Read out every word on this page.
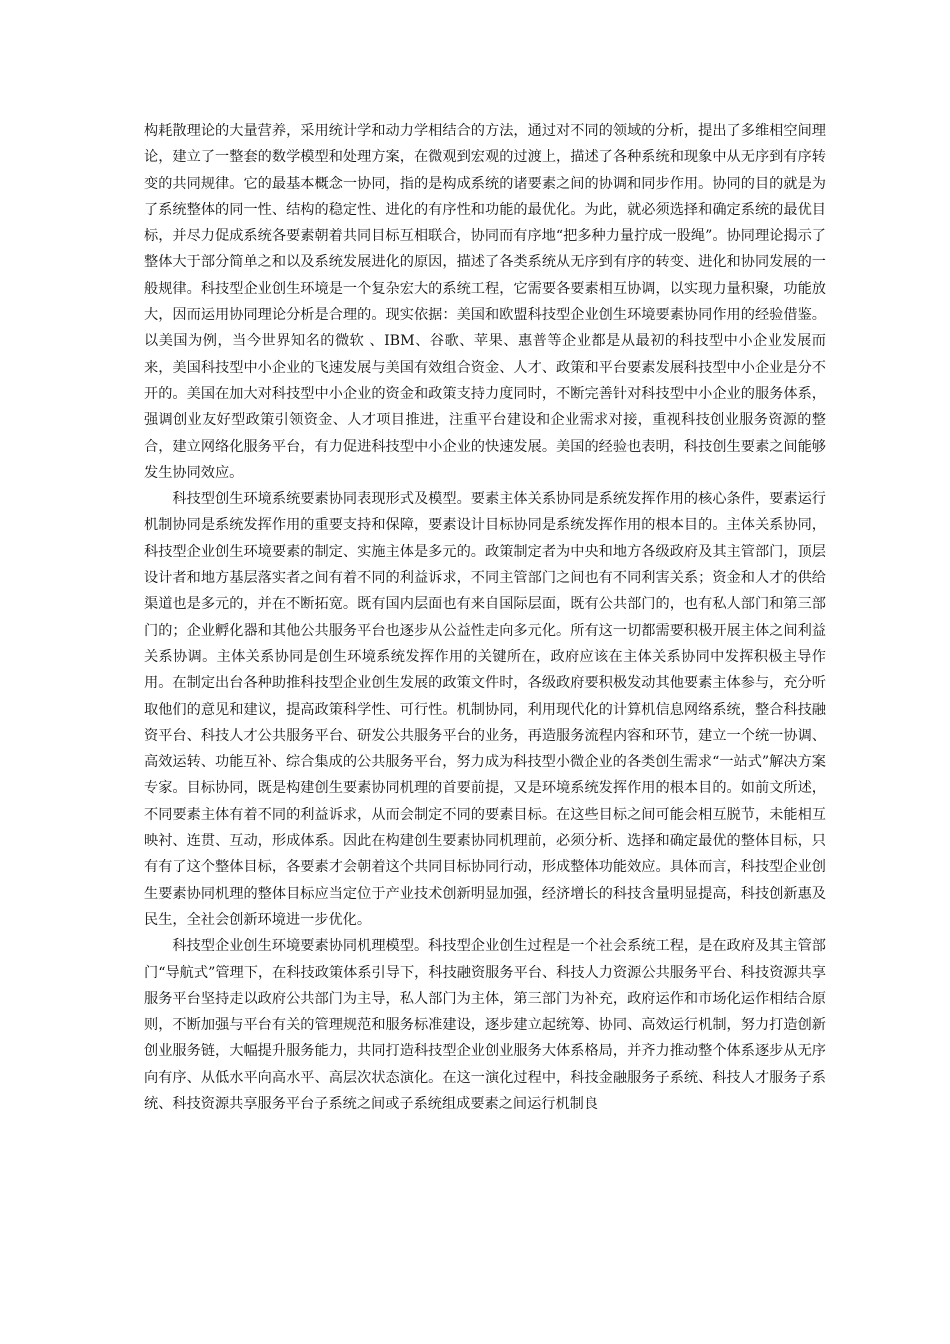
构耗散理论的大量营养，采用统计学和动力学相结合的方法，通过对不同的领域的分析，提出了多维相空间理论，建立了一整套的数学模型和处理方案，在微观到宏观的过渡上，描述了各种系统和现象中从无序到有序转变的共同规律。它的最基本概念一协同，指的是构成系统的诸要素之间的协调和同步作用。协同的目的就是为了系统整体的同一性、结构的稳定性、进化的有序性和功能的最优化。为此，就必须选择和确定系统的最优目标，并尽力促成系统各要素朝着共同目标互相联合，协同而有序地“把多种力量拧成一股绳”。协同理论揭示了整体大于部分简单之和以及系统发展进化的原因，描述了各类系统从无序到有序的转变、进化和协同发展的一般规律。科技型企业创生环境是一个复杂宏大的系统工程，它需要各要素相互协调，以实现力量积聚，功能放大，因而运用协同理论分析是合理的。现实依据：美国和欧盟科技型企业创生环境要素协同作用的经验借鉴。以美国为例，当今世界知名的微软 、IBM、谷歌、苹果、惠普等企业都是从最初的科技型中小企业发展而来，美国科技型中小企业的飞速发展与美国有效组合资金、人才、政策和平台要素发展科技型中小企业是分不开的。美国在加大对科技型中小企业的资金和政策支持力度同时，不断完善针对科技型中小企业的服务体系，强调创业友好型政策引领资金、人才项目推进，注重平台建设和企业需求对接，重视科技创业服务资源的整合，建立网络化服务平台，有力促进科技型中小企业的快速发展。美国的经验也表明，科技创生要素之间能够发生协同效应。

科技型创生环境系统要素协同表现形式及模型。要素主体关系协同是系统发挥作用的核心条件，要素运行机制协同是系统发挥作用的重要支持和保障，要素设计目标协同是系统发挥作用的根本目的。主体关系协同，科技型企业创生环境要素的制定、实施主体是多元的。政策制定者为中央和地方各级政府及其主管部门，顶层设计者和地方基层落实者之间有着不同的利益诉求，不同主管部门之间也有不同利害关系；资金和人才的供给渠道也是多元的，并在不断拓宽。既有国内层面也有来自国际层面，既有公共部门的，也有私人部门和第三部门的；企业孵化器和其他公共服务平台也逐步从公益性走向多元化。所有这一切都需要积极开展主体之间利益关系协调。主体关系协同是创生环境系统发挥作用的关键所在，政府应该在主体关系协同中发挥积极主导作用。在制定出台各种助推科技型企业创生发展的政策文件时，各级政府要积极发动其他要素主体参与，充分听取他们的意见和建议，提高政策科学性、可行性。机制协同，利用现代化的计算机信息网络系统，整合科技融资平台、科技人才公共服务平台、研发公共服务平台的业务，再造服务流程内容和环节，建立一个统一协调、高效运转、功能互补、综合集成的公共服务平台，努力成为科技型小微企业的各类创生需求“一站式”解决方案专家。目标协同，既是构建创生要素协同机理的首要前提，又是环境系统发挥作用的根本目的。如前文所述，不同要素主体有着不同的利益诉求，从而会制定不同的要素目标。在这些目标之间可能会相互脱节，未能相互映衬、连贯、互动，形成体系。因此在构建创生要素协同机理前，必须分析、选择和确定最优的整体目标，只有有了这个整体目标，各要素才会朝着这个共同目标协同行动，形成整体功能效应。具体而言，科技型企业创生要素协同机理的整体目标应当定位于产业技术创新明显加强，经济增长的科技含量明显提高，科技创新惠及民生，全社会创新环境进一步优化。

科技型企业创生环境要素协同机理模型。科技型企业创生过程是一个社会系统工程，是在政府及其主管部门“导航式”管理下，在科技政策体系引导下，科技融资服务平台、科技人力资源公共服务平台、科技资源共享服务平台坚持走以政府公共部门为主导，私人部门为主体，第三部门为补充，政府运作和市场化运作相结合原则，不断加强与平台有关的管理规范和服务标准建设，逐步建立起统筹、协同、高效运行机制，努力打造创新创业服务链，大幅提升服务能力，共同打造科技型企业创业服务大体系格局，并齐力推动整个体系逐步从无序向有序、从低水平向高水平、高层次状态演化。在这一演化过程中，科技金融服务子系统、科技人才服务子系统、科技资源共享服务平台子系统之间或子系统组成要素之间运行机制良
